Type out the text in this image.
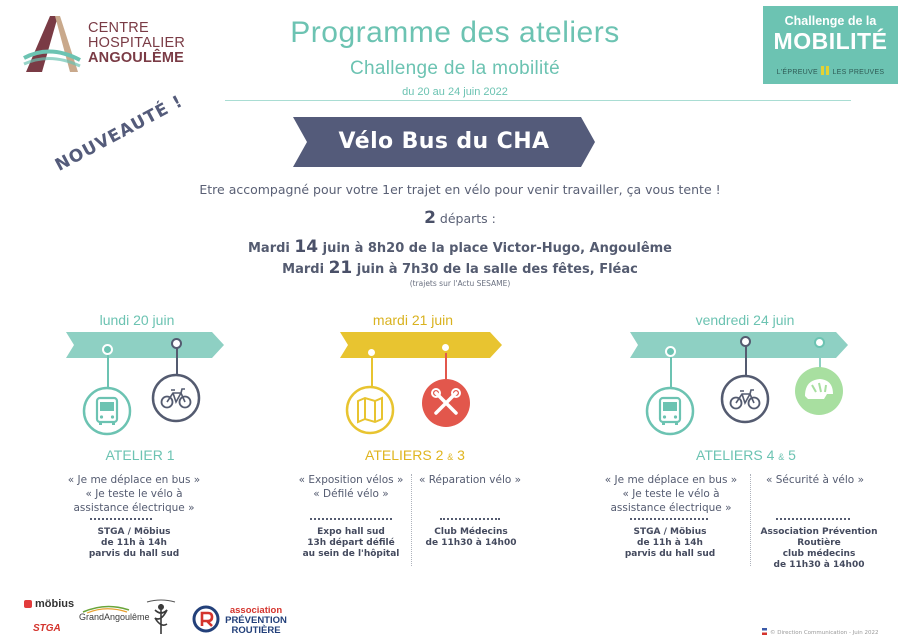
CENTRE
HOSPITALIER
ANGOULÊME
Programme des ateliers
Challenge de la mobilité
du 20 au 24 juin 2022
Challenge de la
MOBILITÉ
L'ÉPREUVE LES PREUVES
Vélo Bus du CHA
NOUVEAUTÉ !
Etre accompagné pour votre 1er trajet en vélo pour venir travailler, ça vous tente !
2 départs :
Mardi 14 juin à 8h20 de la place Victor-Hugo, Angoulême
Mardi 21 juin à 7h30 de la salle des fêtes, Fléac
(trajets sur l'Actu SESAME)
lundi 20 juin	mardi 21 juin	vendredi 24 juin
ATELIER 1	ATELIERS 2 & 3	ATELIERS 4 & 5
« Je me déplace en bus »
« Je teste le vélo à
assistance électrique »
STGA / Möbius
de 11h à 14h
parvis du hall sud
« Exposition vélos »
« Défilé vélo »
« Réparation vélo »
Expo hall sud
13h départ défilé
au sein de l'hôpital
Club Médecins
de 11h30 à 14h00
« Je me déplace en bus »
« Je teste le vélo à
assistance électrique »
« Sécurité à vélo »
STGA / Möbius
de 11h à 14h
parvis du hall sud
Association Prévention
Routière
club médecins
de 11h30 à 14h00
möbius
STGA
GrandAngoulême
association
PRÉVENTION
ROUTIÈRE	© Direction Communication - Juin 2022
